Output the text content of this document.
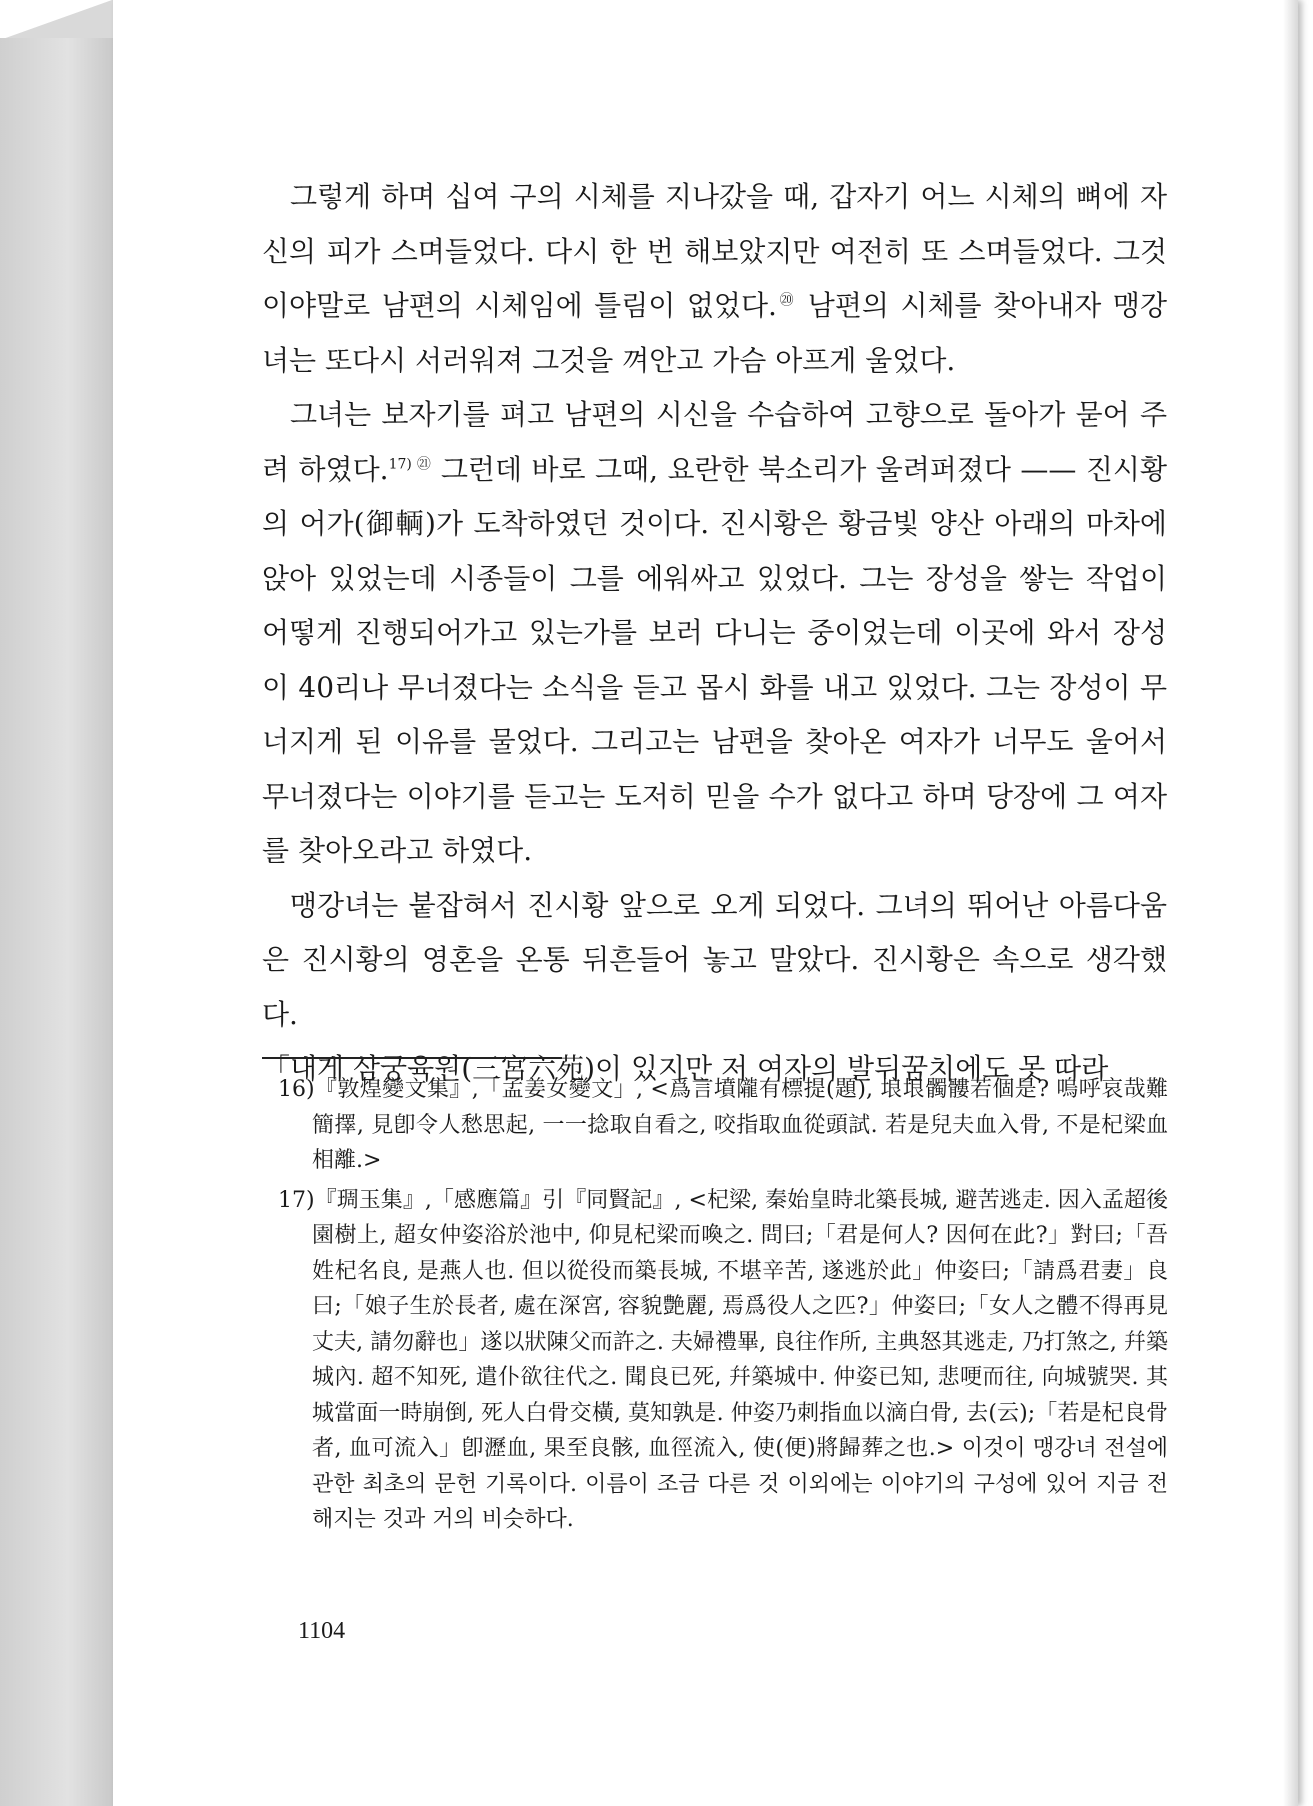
그렇게 하며 십여 구의 시체를 지나갔을 때, 갑자기 어느 시체의 뼈에 자신의 피가 스며들었다. 다시 한 번 해보았지만 여전히 또 스며들었다. 그것이야말로 남편의 시체임에 틀림이 없었다.⑳ 남편의 시체를 찾아내자 맹강녀는 또다시 서러워져 그것을 껴안고 가슴 아프게 울었다.

그녀는 보자기를 펴고 남편의 시신을 수습하여 고향으로 돌아가 묻어 주려 하였다.$^{17)}$ $^㉑$ 그런데 바로 그때, 요란한 북소리가 울려퍼졌다 —— 진시황의 어가(御輌)가 도착하였던 것이다. 진시황은 황금빛 양산 아래의 마차에 앉아 있었는데 시종들이 그를 에워싸고 있었다. 그는 장성을 쌓는 작업이 어떻게 진행되어가고 있는가를 보러 다니는 중이었는데 이곳에 와서 장성이 40리나 무너졌다는 소식을 듣고 몹시 화를 내고 있었다. 그는 장성이 무너지게 된 이유를 물었다. 그리고는 남편을 찾아온 여자가 너무도 울어서 무너졌다는 이야기를 듣고는 도저히 믿을 수가 없다고 하며 당장에 그 여자를 찾아오라고 하였다.

맹강녀는 붙잡혀서 진시황 앞으로 오게 되었다. 그녀의 뛰어난 아름다움은 진시황의 영혼을 온통 뒤흔들어 놓고 말았다. 진시황은 속으로 생각했다.

「내게 삼궁육원(三宮六苑)이 있지만 저 여자의 발뒤꿈치에도 못 따라

16)『敦煌變文集』,「孟姜女變文」, <爲言墳隴有標提(題), 埌埌髑髏若個是? 嗚呼哀哉難簡擇, 見卽令人愁思起, 一一捻取自看之, 咬指取血從頭試. 若是兒夫血入骨, 不是杞梁血相離.>

17)『琱玉集』,「感應篇』引『同賢記』, <杞梁, 秦始皇時北築長城, 避苦逃走. 因入孟超後園樹上, 超女仲姿浴於池中, 仰見杞梁而喚之. 問曰;「君是何人? 因何在此?」對曰;「吾姓杞名良, 是燕人也. 但以從役而築長城, 不堪辛苦, 遂逃於此」仲姿曰;「請爲君妻」良曰;「娘子生於長者, 處在深宮, 容貌艶麗, 焉爲役人之匹?」仲姿曰;「女人之體不得再見丈夫, 請勿辭也」遂以狀陳父而許之. 夫婦禮畢, 良往作所, 主典怒其逃走, 乃打煞之, 幷築城內. 超不知死, 遣仆欲往代之. 聞良已死, 幷築城中. 仲姿已知, 悲哽而往, 向城號哭. 其城當面一時崩倒, 死人白骨交橫, 莫知孰是. 仲姿乃刺指血以滴白骨, 去(云);「若是杞良骨者, 血可流入」卽瀝血, 果至良骸, 血徑流入, 使(便)將歸葬之也.> 이것이 맹강녀 전설에 관한 최초의 문헌 기록이다. 이름이 조금 다른 것 이외에는 이야기의 구성에 있어 지금 전해지는 것과 거의 비슷하다.

1104
